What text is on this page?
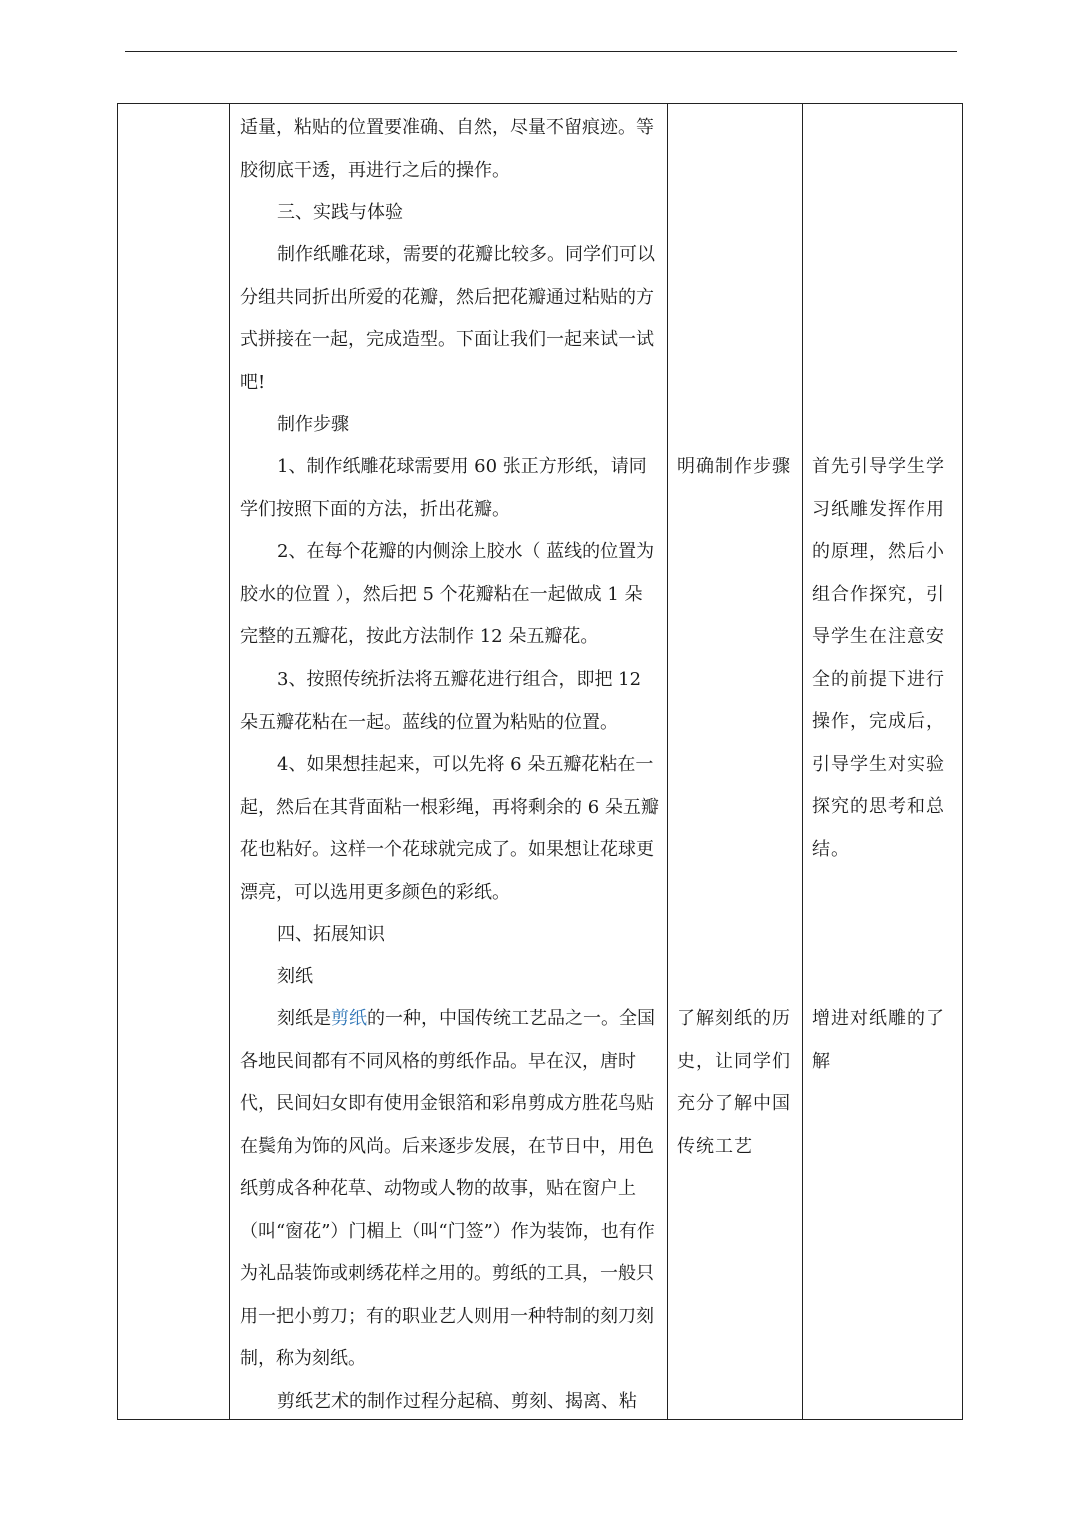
适量，粘贴的位置要准确、自然，尽量不留痕迹。等胶彻底干透，再进行之后的操作。

三、实践与体验

制作纸雕花球，需要的花瓣比较多。同学们可以分组共同折出所爱的花瓣，然后把花瓣通过粘贴的方式拼接在一起，完成造型。下面让我们一起来试一试吧!

制作步骤

1、制作纸雕花球需要用 60 张正方形纸，请同学们按照下面的方法，折出花瓣。

2、在每个花瓣的内侧涂上胶水（ 蓝线的位置为胶水的位置 ），然后把 5 个花瓣粘在一起做成 1 朵完整的五瓣花，按此方法制作 12 朵五瓣花。

3、按照传统折法将五瓣花进行组合，即把 12 朵五瓣花粘在一起。蓝线的位置为粘贴的位置。

4、如果想挂起来，可以先将 6 朵五瓣花粘在一起，然后在其背面粘一根彩绳，再将剩余的 6 朵五瓣花也粘好。这样一个花球就完成了。如果想让花球更漂亮，可以选用更多颜色的彩纸。

四、拓展知识

刻纸

刻纸是剪纸的一种，中国传统工艺品之一。全国各地民间都有不同风格的剪纸作品。早在汉，唐时代，民间妇女即有使用金银箔和彩帛剪成方胜花鸟贴在鬓角为饰的风尚。后来逐步发展，在节日中，用色纸剪成各种花草、动物或人物的故事，贴在窗户上（叫“窗花”）门楣上（叫“门签”）作为装饰，也有作为礼品装饰或刺绣花样之用的。剪纸的工具，一般只用一把小剪刀；有的职业艺人则用一种特制的刻刀刻制，称为刻纸。

剪纸艺术的制作过程分起稿、剪刻、揭离、粘

明确制作步骤

了解刻纸的历史，让同学们充分了解中国传统工艺

首先引导学生学习纸雕发挥作用的原理，然后小组合作探究，引导学生在注意安全的前提下进行操作，完成后，引导学生对实验探究的思考和总结。

增进对纸雕的了解
